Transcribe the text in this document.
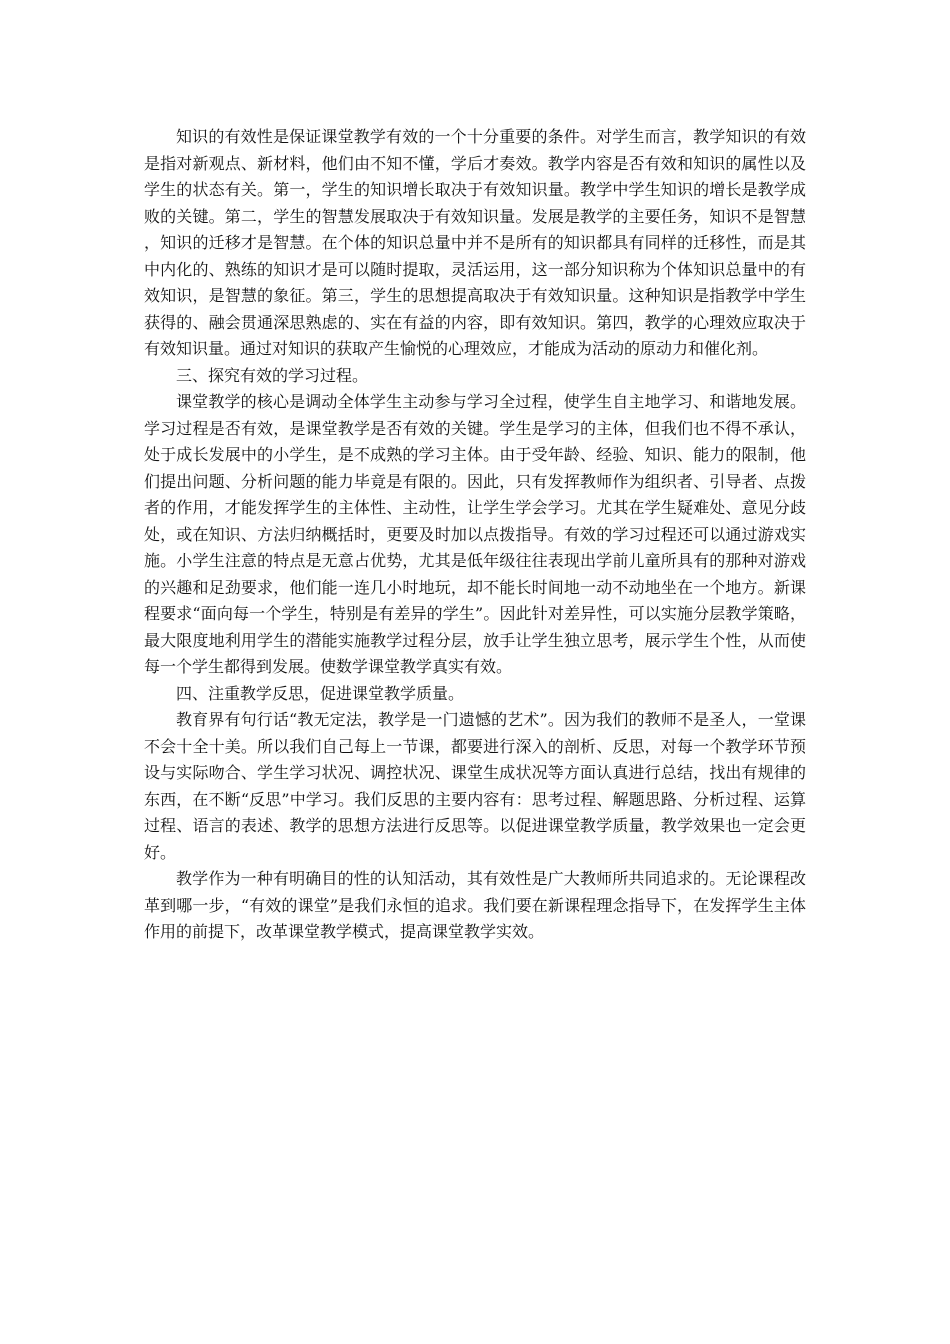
知识的有效性是保证课堂教学有效的一个十分重要的条件。对学生而言，教学知识的有效是指对新观点、新材料，他们由不知不懂，学后才奏效。教学内容是否有效和知识的属性以及学生的状态有关。第一，学生的知识增长取决于有效知识量。教学中学生知识的增长是教学成败的关键。第二，学生的智慧发展取决于有效知识量。发展是教学的主要任务，知识不是智慧，知识的迁移才是智慧。在个体的知识总量中并不是所有的知识都具有同样的迁移性，而是其中内化的、熟练的知识才是可以随时提取，灵活运用，这一部分知识称为个体知识总量中的有效知识，是智慧的象征。第三，学生的思想提高取决于有效知识量。这种知识是指教学中学生获得的、融会贯通深思熟虑的、实在有益的内容，即有效知识。第四，教学的心理效应取决于有效知识量。通过对知识的获取产生愉悦的心理效应，才能成为活动的原动力和催化剂。

三、探究有效的学习过程。

课堂教学的核心是调动全体学生主动参与学习全过程，使学生自主地学习、和谐地发展。学习过程是否有效，是课堂教学是否有效的关键。学生是学习的主体，但我们也不得不承认，处于成长发展中的小学生，是不成熟的学习主体。由于受年龄、经验、知识、能力的限制，他们提出问题、分析问题的能力毕竟是有限的。因此，只有发挥教师作为组织者、引导者、点拨者的作用，才能发挥学生的主体性、主动性，让学生学会学习。尤其在学生疑难处、意见分歧处，或在知识、方法归纳概括时，更要及时加以点拨指导。有效的学习过程还可以通过游戏实施。小学生注意的特点是无意占优势，尤其是低年级往往表现出学前儿童所具有的那种对游戏的兴趣和足劲要求，他们能一连几小时地玩，却不能长时间地一动不动地坐在一个地方。新课程要求“面向每一个学生，特别是有差异的学生”。因此针对差异性，可以实施分层教学策略，最大限度地利用学生的潜能实施教学过程分层，放手让学生独立思考，展示学生个性，从而使每一个学生都得到发展。使数学课堂教学真实有效。

四、注重教学反思，促进课堂教学质量。

教育界有句行话“教无定法，教学是一门遗憾的艺术”。因为我们的教师不是圣人，一堂课不会十全十美。所以我们自己每上一节课，都要进行深入的剖析、反思，对每一个教学环节预设与实际吻合、学生学习状况、调控状况、课堂生成状况等方面认真进行总结，找出有规律的东西，在不断“反思”中学习。我们反思的主要内容有：思考过程、解题思路、分析过程、运算过程、语言的表述、教学的思想方法进行反思等。以促进课堂教学质量，教学效果也一定会更好。

教学作为一种有明确目的性的认知活动，其有效性是广大教师所共同追求的。无论课程改革到哪一步，“有效的课堂”是我们永恒的追求。我们要在新课程理念指导下，在发挥学生主体作用的前提下，改革课堂教学模式，提高课堂教学实效。
